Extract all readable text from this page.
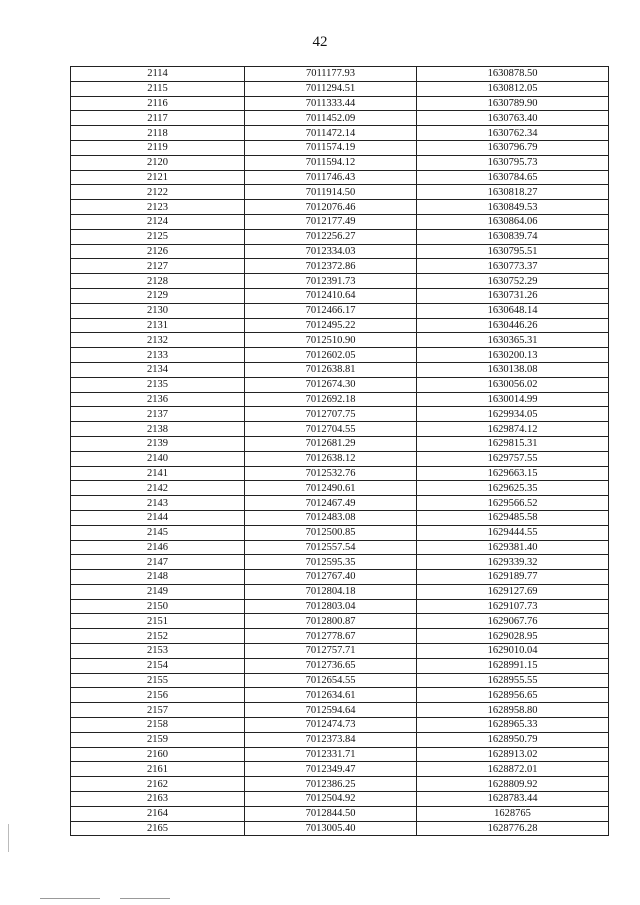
42
2114	7011177.93	1630878.50
2115	7011294.51	1630812.05
2116	7011333.44	1630789.90
2117	7011452.09	1630763.40
2118	7011472.14	1630762.34
2119	7011574.19	1630796.79
2120	7011594.12	1630795.73
2121	7011746.43	1630784.65
2122	7011914.50	1630818.27
2123	7012076.46	1630849.53
2124	7012177.49	1630864.06
2125	7012256.27	1630839.74
2126	7012334.03	1630795.51
2127	7012372.86	1630773.37
2128	7012391.73	1630752.29
2129	7012410.64	1630731.26
2130	7012466.17	1630648.14
2131	7012495.22	1630446.26
2132	7012510.90	1630365.31
2133	7012602.05	1630200.13
2134	7012638.81	1630138.08
2135	7012674.30	1630056.02
2136	7012692.18	1630014.99
2137	7012707.75	1629934.05
2138	7012704.55	1629874.12
2139	7012681.29	1629815.31
2140	7012638.12	1629757.55
2141	7012532.76	1629663.15
2142	7012490.61	1629625.35
2143	7012467.49	1629566.52
2144	7012483.08	1629485.58
2145	7012500.85	1629444.55
2146	7012557.54	1629381.40
2147	7012595.35	1629339.32
2148	7012767.40	1629189.77
2149	7012804.18	1629127.69
2150	7012803.04	1629107.73
2151	7012800.87	1629067.76
2152	7012778.67	1629028.95
2153	7012757.71	1629010.04
2154	7012736.65	1628991.15
2155	7012654.55	1628955.55
2156	7012634.61	1628956.65
2157	7012594.64	1628958.80
2158	7012474.73	1628965.33
2159	7012373.84	1628950.79
2160	7012331.71	1628913.02
2161	7012349.47	1628872.01
2162	7012386.25	1628809.92
2163	7012504.92	1628783.44
2164	7012844.50	1628765
2165	7013005.40	1628776.28
